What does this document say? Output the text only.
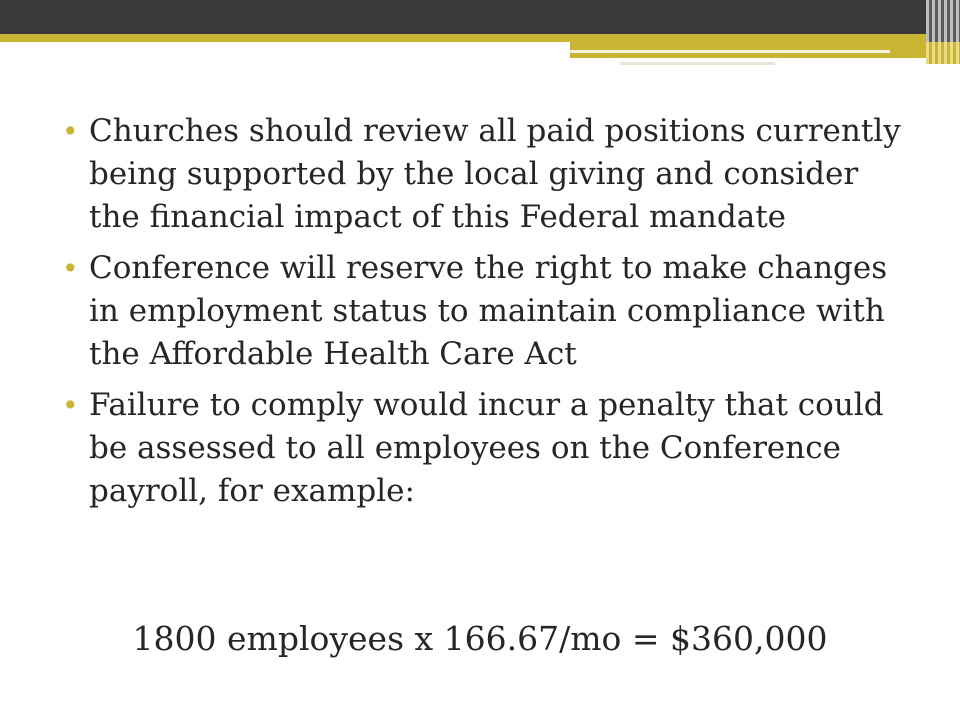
• Churches should review all paid positions currently being supported by the local giving and consider the financial impact of this Federal mandate
• Conference will reserve the right to make changes in employment status to maintain compliance with the Affordable Health Care Act
• Failure to comply would incur a penalty that could be assessed to all employees on the Conference payroll, for example:
1800 employees x 166.67/mo = $360,000
